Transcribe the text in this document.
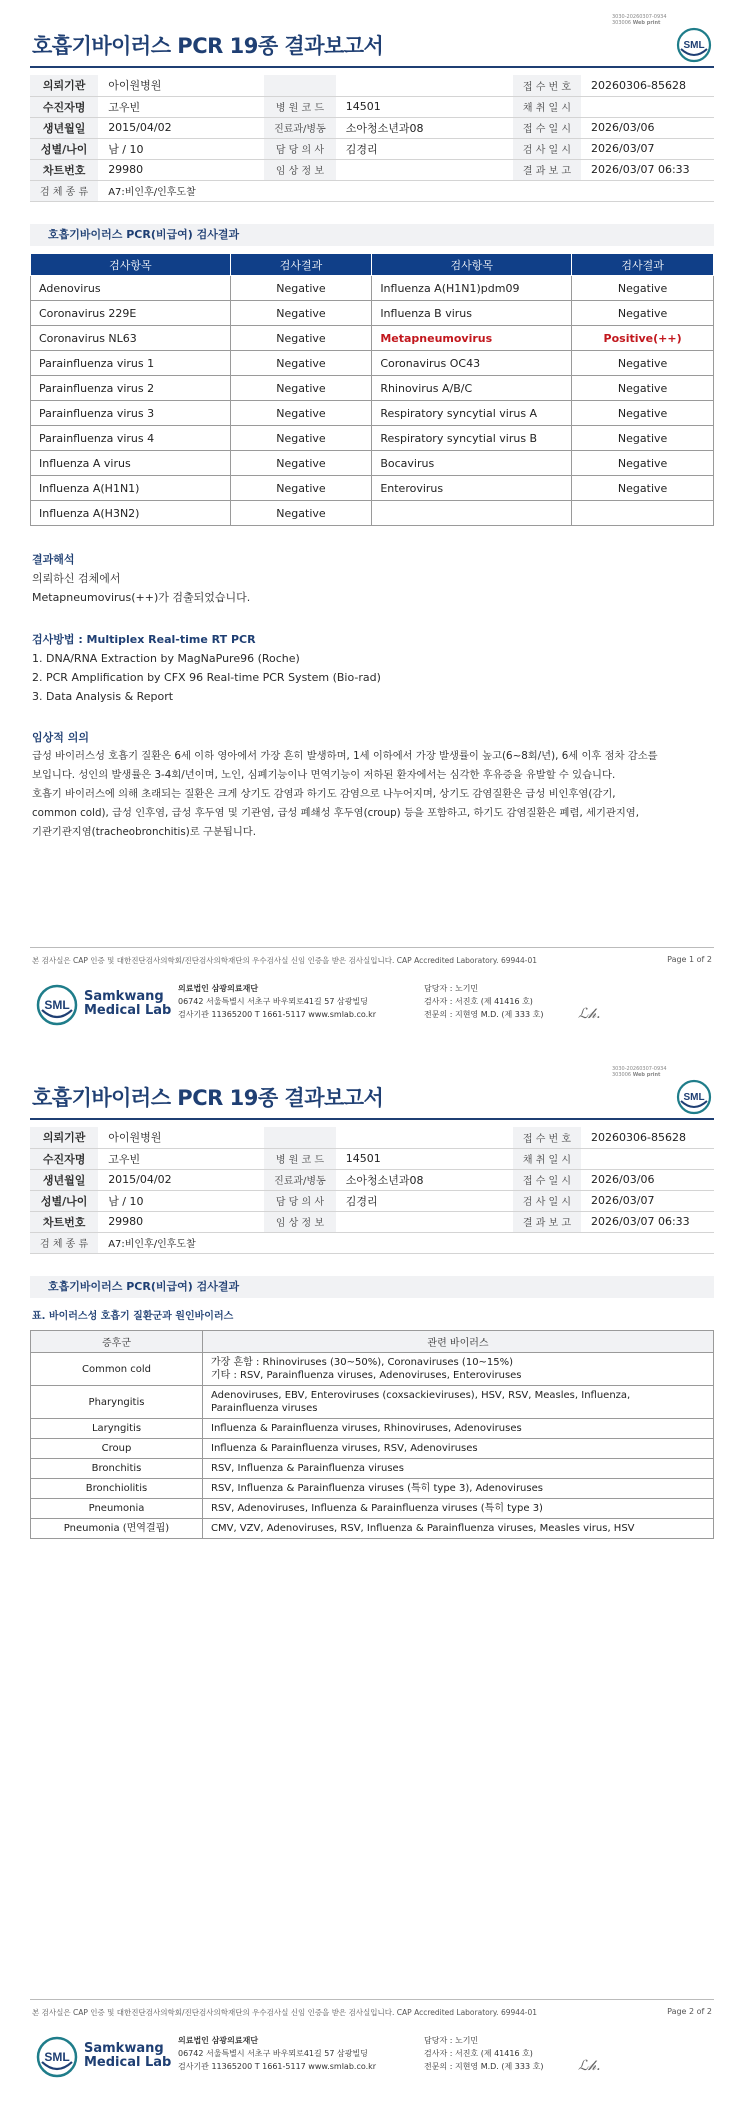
3030-20260307-0934
303006 Web print
호흡기바이러스 PCR 19종 결과보고서	SML
의뢰기관	아이원병원			접 수 번 호	20260306-85628
수진자명	고우빈	병 원 코 드	14501	채 취 일 시	
생년월일	2015/04/02	진료과/병동	소아청소년과08	접 수 일 시	2026/03/06
성별/나이	남 / 10	담 당 의 사	김경리	검 사 일 시	2026/03/07
차트번호	29980	임 상 정 보		결 과 보 고	2026/03/07 06:33
검 체 종 류	A7:비인후/인후도찰				
호흡기바이러스 PCR(비급여) 검사결과
검사항목	검사결과	검사항목	검사결과
Adenovirus	Negative	Influenza A(H1N1)pdm09	Negative
Coronavirus 229E	Negative	Influenza B virus	Negative
Coronavirus NL63	Negative	Metapneumovirus	Positive(++)
Parainfluenza virus 1	Negative	Coronavirus OC43	Negative
Parainfluenza virus 2	Negative	Rhinovirus A/B/C	Negative
Parainfluenza virus 3	Negative	Respiratory syncytial virus A	Negative
Parainfluenza virus 4	Negative	Respiratory syncytial virus B	Negative
Influenza A virus	Negative	Bocavirus	Negative
Influenza A(H1N1)	Negative	Enterovirus	Negative
Influenza A(H3N2)	Negative		
결과해석
의뢰하신 검체에서
Metapneumovirus(++)가 검출되었습니다.
검사방법 : Multiplex Real-time RT PCR
1. DNA/RNA Extraction by MagNaPure96 (Roche)
2. PCR Amplification by CFX 96 Real-time PCR System (Bio-rad)
3. Data Analysis & Report
임상적 의의
급성 바이러스성 호흡기 질환은 6세 이하 영아에서 가장 흔히 발생하며, 1세 이하에서 가장 발생률이 높고(6~8회/년), 6세 이후 점차 감소를
보입니다. 성인의 발생률은 3-4회/년이며, 노인, 심폐기능이나 면역기능이 저하된 환자에서는 심각한 후유증을 유발할 수 있습니다.
호흡기 바이러스에 의해 초래되는 질환은 크게 상기도 감염과 하기도 감염으로 나누어지며, 상기도 감염질환은 급성 비인후염(감기,
common cold), 급성 인후염, 급성 후두염 및 기관염, 급성 폐쇄성 후두염(croup) 등을 포함하고, 하기도 감염질환은 폐렴, 세기관지염,
기관기관지염(tracheobronchitis)로 구분됩니다.
본 검사실은 CAP 인증 및 대한진단검사의학회/진단검사의학재단의 우수검사실 신임 인증을 받은 검사실입니다. CAP Accredited Laboratory. 69944-01	Page 1 of 2
SML
Samkwang
Medical Lab
의료법인 삼광의료재단
06742 서울특별시 서초구 바우뫼로41길 57 삼광빌딩
검사기관 11365200 T 1661-5117 www.smlab.co.kr
담당자 : 노기민
검사자 : 서진호 (제 41416 호)
전문의 : 지현영 M.D. (제 333 호) ℒ𝒽.
3030-20260307-0934
303006 Web print
호흡기바이러스 PCR 19종 결과보고서	SML
의뢰기관	아이원병원			접 수 번 호	20260306-85628
수진자명	고우빈	병 원 코 드	14501	채 취 일 시	
생년월일	2015/04/02	진료과/병동	소아청소년과08	접 수 일 시	2026/03/06
성별/나이	남 / 10	담 당 의 사	김경리	검 사 일 시	2026/03/07
차트번호	29980	임 상 정 보		결 과 보 고	2026/03/07 06:33
검 체 종 류	A7:비인후/인후도찰				
호흡기바이러스 PCR(비급여) 검사결과
표. 바이러스성 호흡기 질환군과 원인바이러스
증후군	관련 바이러스
Common cold	가장 흔함 : Rhinoviruses (30~50%), Coronaviruses (10~15%)
기타 : RSV, Parainfluenza viruses, Adenoviruses, Enteroviruses
Pharyngitis	Adenoviruses, EBV, Enteroviruses (coxsackieviruses), HSV, RSV, Measles, Influenza,
Parainfluenza viruses
Laryngitis	Influenza & Parainfluenza viruses, Rhinoviruses, Adenoviruses
Croup	Influenza & Parainfluenza viruses, RSV, Adenoviruses
Bronchitis	RSV, Influenza & Parainfluenza viruses
Bronchiolitis	RSV, Influenza & Parainfluenza viruses (특히 type 3), Adenoviruses
Pneumonia	RSV, Adenoviruses, Influenza & Parainfluenza viruses (특히 type 3)
Pneumonia (면역결핍)	CMV, VZV, Adenoviruses, RSV, Influenza & Parainfluenza viruses, Measles virus, HSV
본 검사실은 CAP 인증 및 대한진단검사의학회/진단검사의학재단의 우수검사실 신임 인증을 받은 검사실입니다. CAP Accredited Laboratory. 69944-01	Page 2 of 2
SML
Samkwang
Medical Lab
의료법인 삼광의료재단
06742 서울특별시 서초구 바우뫼로41길 57 삼광빌딩
검사기관 11365200 T 1661-5117 www.smlab.co.kr
담당자 : 노기민
검사자 : 서진호 (제 41416 호)
전문의 : 지현영 M.D. (제 333 호) ℒ𝒽.
